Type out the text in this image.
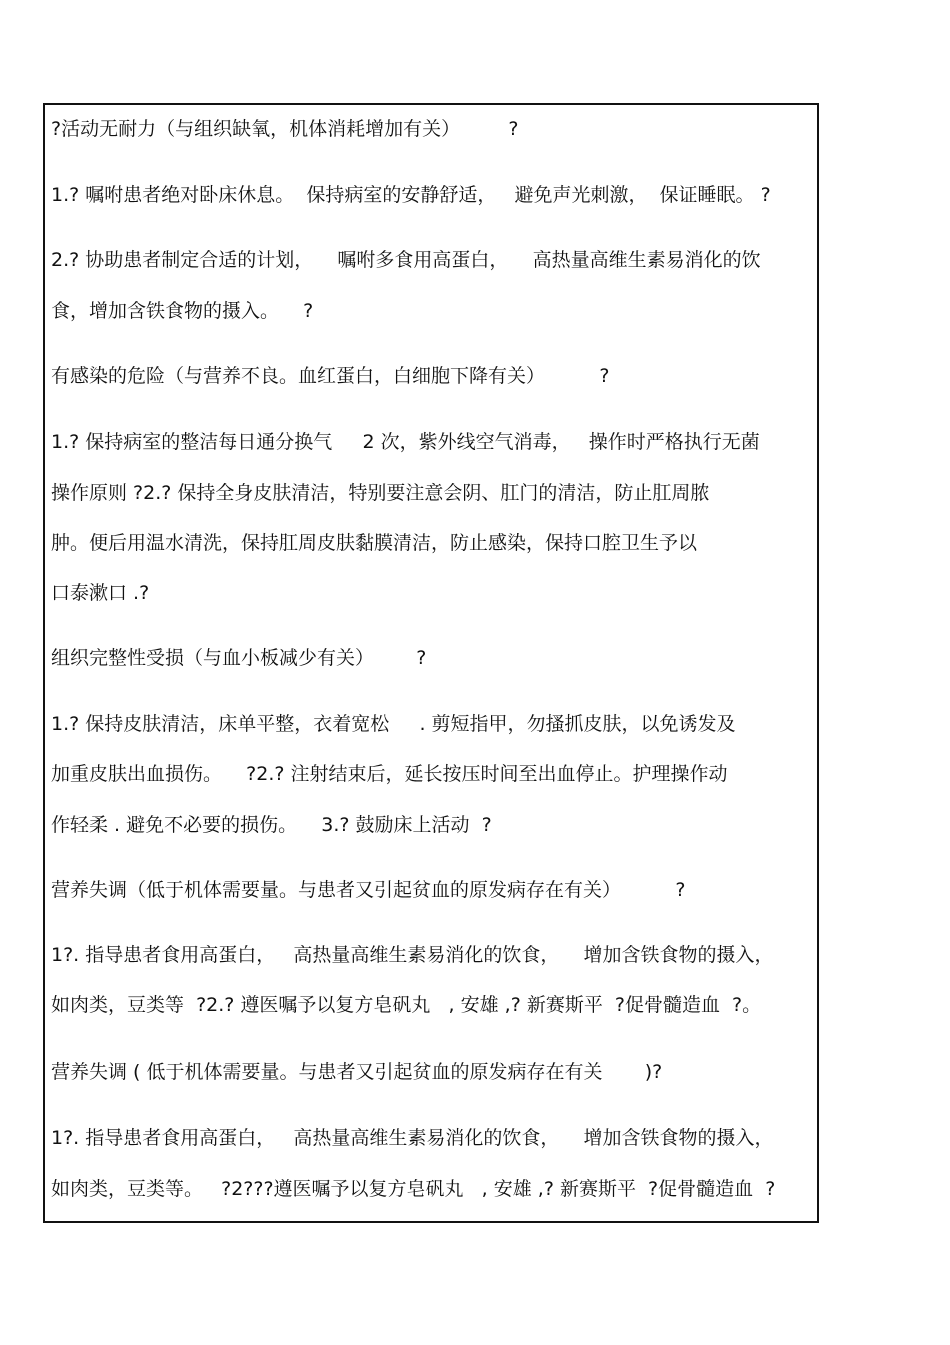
?活动无耐力（与组织缺氧，机体消耗增加有关）        ?
1.? 嘱咐患者绝对卧床休息。  保持病室的安静舒适，   避免声光刺激，  保证睡眠。 ?
2.? 协助患者制定合适的计划，    嘱咐多食用高蛋白，    高热量高维生素易消化的饮
食，增加含铁食物的摄入。    ?
有感染的危险（与营养不良。血红蛋白，白细胞下降有关）         ?
1.? 保持病室的整洁每日通分换气     2 次，紫外线空气消毒，   操作时严格执行无菌
操作原则 ?2.? 保持全身皮肤清洁，特别要注意会阴、肛门的清洁，防止肛周脓
肿。便后用温水清洗，保持肛周皮肤黏膜清洁，防止感染，保持口腔卫生予以
口泰漱口 .?
组织完整性受损（与血小板减少有关）       ?
1.? 保持皮肤清洁，床单平整，衣着宽松     . 剪短指甲，勿搔抓皮肤，以免诱发及
加重皮肤出血损伤。    ?2.? 注射结束后，延长按压时间至出血停止。护理操作动
作轻柔 . 避免不必要的损伤。    3.? 鼓励床上活动  ?
营养失调（低于机体需要量。与患者又引起贫血的原发病存在有关）         ?
1?. 指导患者食用高蛋白，   高热量高维生素易消化的饮食，    增加含铁食物的摄入，
如肉类，豆类等  ?2.? 遵医嘱予以复方皂矾丸   , 安雄 ,? 新赛斯平  ?促骨髓造血  ?。
营养失调 ( 低于机体需要量。与患者又引起贫血的原发病存在有关       )?
1?. 指导患者食用高蛋白，   高热量高维生素易消化的饮食，    增加含铁食物的摄入，
如肉类，豆类等。   ?2???遵医嘱予以复方皂矾丸   , 安雄 ,? 新赛斯平  ?促骨髓造血  ?
